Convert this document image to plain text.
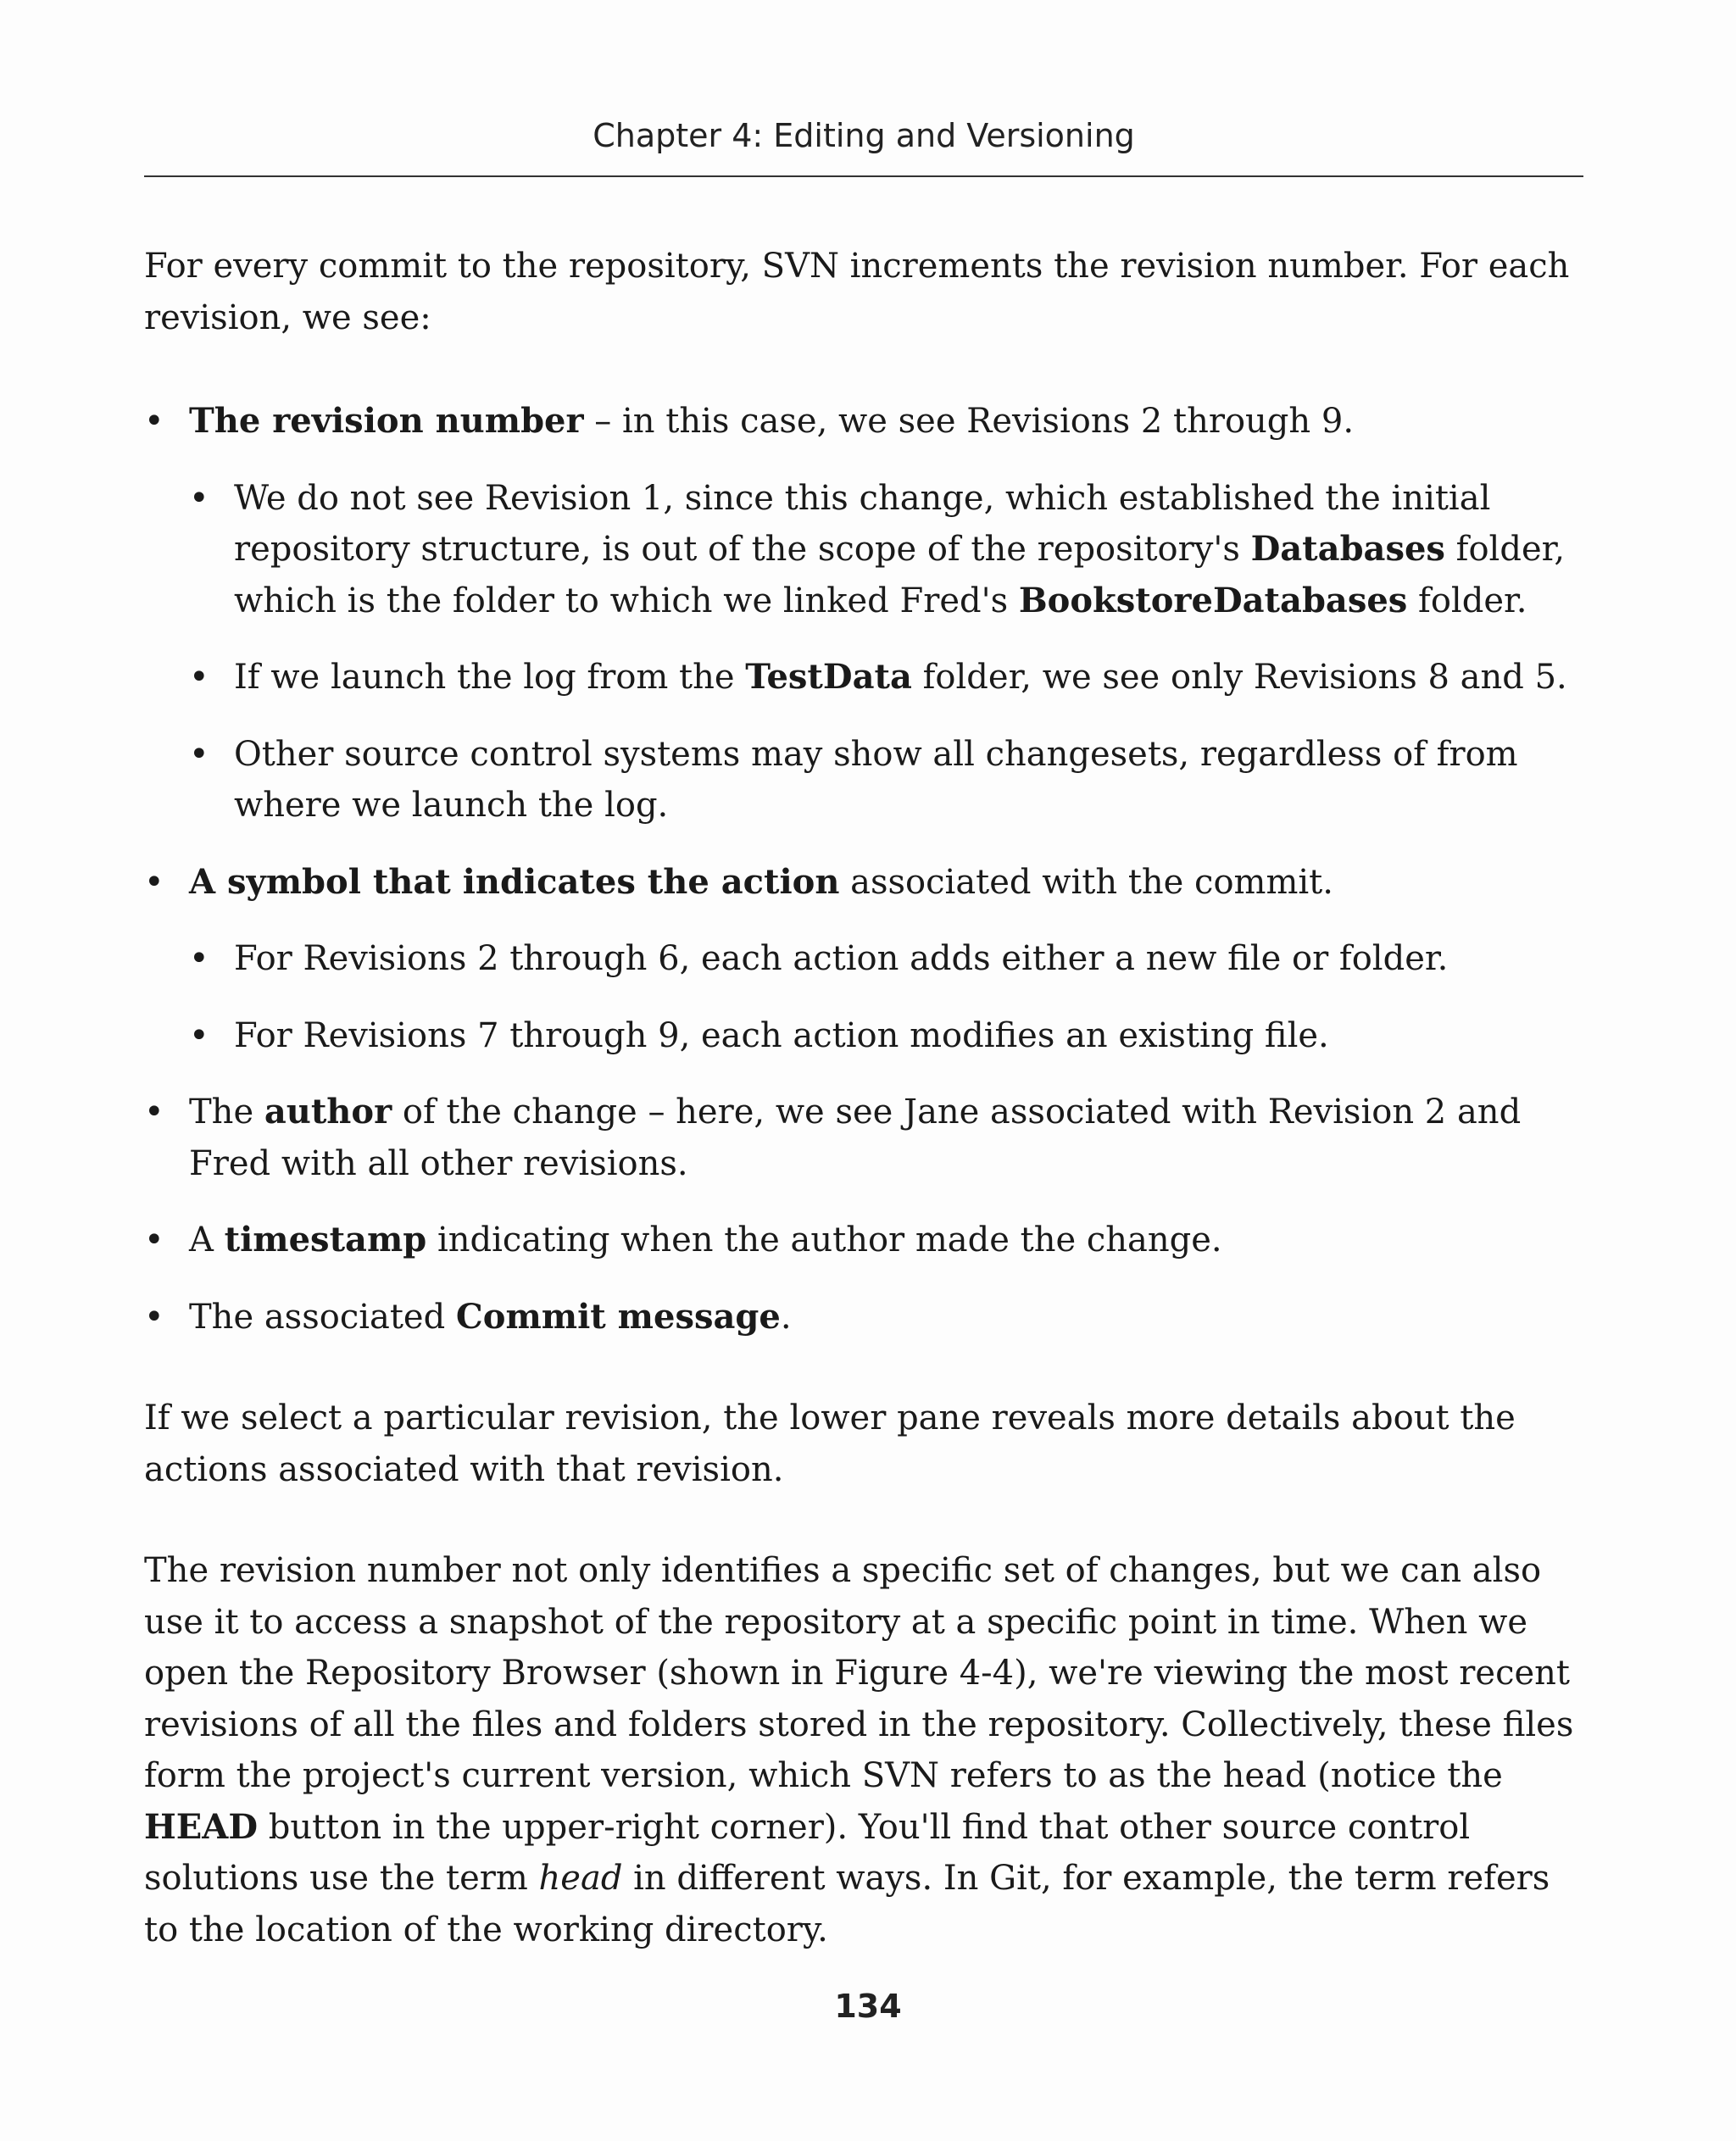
Chapter 4: Editing and Versioning

For every commit to the repository, SVN increments the revision number. For each revision, we see:

• The revision number – in this case, we see Revisions 2 through 9.
• We do not see Revision 1, since this change, which established the initial repository structure, is out of the scope of the repository's Databases folder, which is the folder to which we linked Fred's BookstoreDatabases folder.
• If we launch the log from the TestData folder, we see only Revisions 8 and 5.
• Other source control systems may show all changesets, regardless of from where we launch the log.
• A symbol that indicates the action associated with the commit.
• For Revisions 2 through 6, each action adds either a new file or folder.
• For Revisions 7 through 9, each action modifies an existing file.
• The author of the change – here, we see Jane associated with Revision 2 and Fred with all other revisions.
• A timestamp indicating when the author made the change.
• The associated Commit message.

If we select a particular revision, the lower pane reveals more details about the actions associated with that revision.

The revision number not only identifies a specific set of changes, but we can also use it to access a snapshot of the repository at a specific point in time. When we open the Repository Browser (shown in Figure 4-4), we're viewing the most recent revisions of all the files and folders stored in the repository. Collectively, these files form the project's current version, which SVN refers to as the head (notice the HEAD button in the upper-right corner). You'll find that other source control solutions use the term head in different ways. In Git, for example, the term refers to the location of the working directory.

134
